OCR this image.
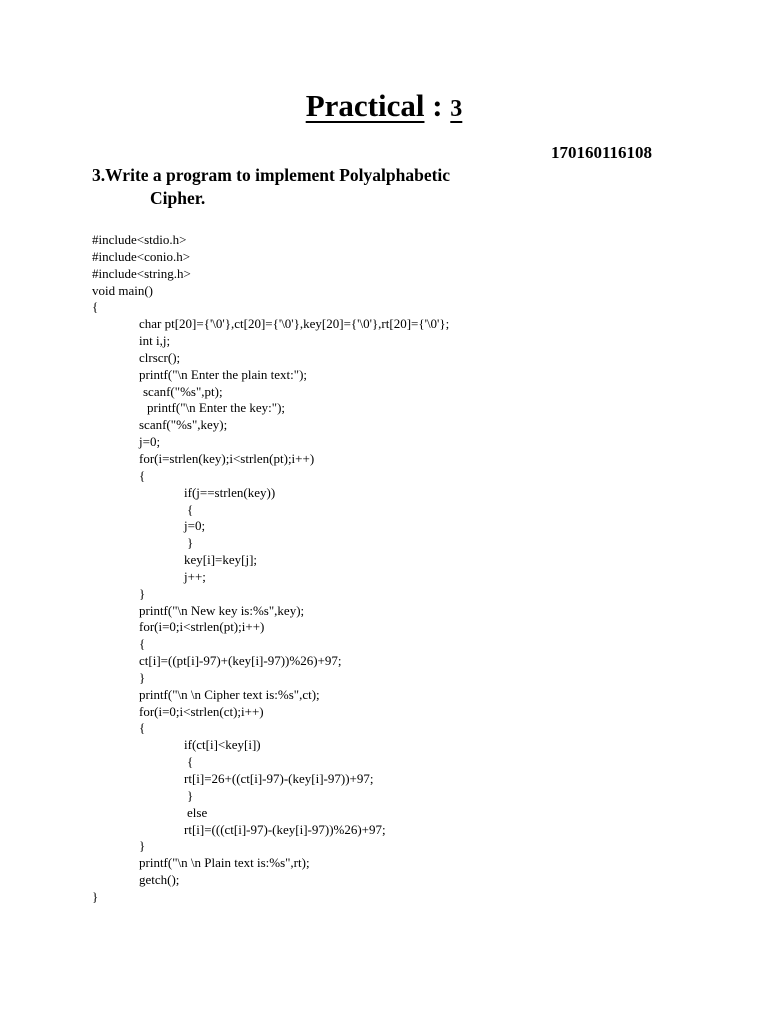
Practical : 3
170160116108
3.Write a program to implement Polyalphabetic
Cipher.
#include<stdio.h>
#include<conio.h>
#include<string.h>
void main()
{
char pt[20]={'\0'},ct[20]={'\0'},key[20]={'\0'},rt[20]={'\0'};
int i,j;
clrscr();
printf("\n Enter the plain text:");
scanf("%s",pt);
printf("\n Enter the key:");
scanf("%s",key);
j=0;
for(i=strlen(key);i<strlen(pt);i++)
{
if(j==strlen(key))
{
j=0;
}
key[i]=key[j];
j++;
}
printf("\n New key is:%s",key);
for(i=0;i<strlen(pt);i++)
{
ct[i]=((pt[i]-97)+(key[i]-97))%26)+97;
}
printf("\n \n Cipher text is:%s",ct);
for(i=0;i<strlen(ct);i++)
{
if(ct[i]<key[i])
{
rt[i]=26+((ct[i]-97)-(key[i]-97))+97;
}
else
rt[i]=(((ct[i]-97)-(key[i]-97))%26)+97;
}
printf("\n \n Plain text is:%s",rt);
getch();
}
